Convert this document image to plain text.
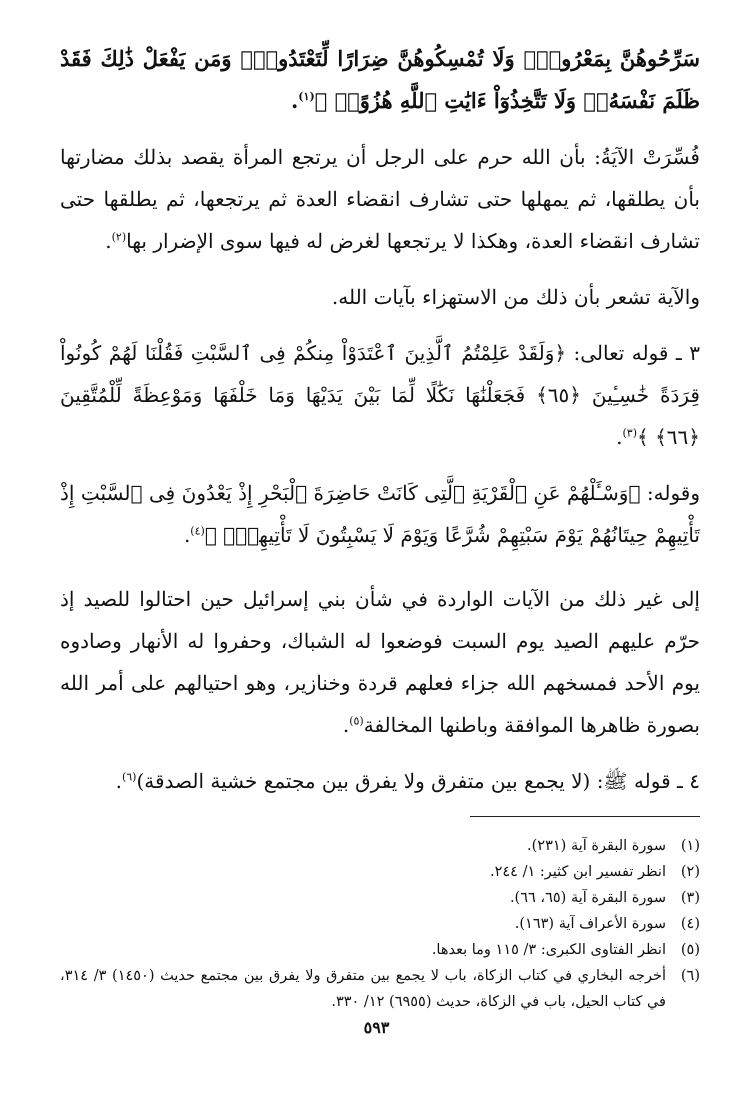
سَرِّحُوهُنَّ بِمَعْرُوفٍۚ وَلَا تُمْسِكُوهُنَّ ضِرَارًا لِّتَعْتَدُواْۚ وَمَن يَفْعَلْ ذَٰلِكَ فَقَدْ ظَلَمَ نَفْسَهُۥۚ وَلَا تَتَّخِذُوٓاْ ءَايَٰتِ ٱللَّهِ هُزُوًاۚ ﴾$^{(١)}$.

فُسِّرَتْ الآيَةُ: بأن الله حرم على الرجل أن يرتجع المرأة يقصد بذلك مضارتها بأن يطلقها، ثم يمهلها حتى تشارف انقضاء العدة ثم يرتجعها، ثم يطلقها حتى تشارف انقضاء العدة، وهكذا لا يرتجعها لغرض له فيها سوى الإضرار بها$^{(٢)}$.

والآية تشعر بأن ذلك من الاستهزاء بآيات الله.

٣ ـ قوله تعالى: ﴿وَلَقَدْ عَلِمْتُمُ ٱلَّذِينَ ٱعْتَدَوْاْ مِنكُمْ فِى ٱلسَّبْتِ فَقُلْنَا لَهُمْ كُونُواْ قِرَدَةً خَٰسِـِٔينَ ﴿٦٥﴾ فَجَعَلْنَٰهَا نَكَٰلًا لِّمَا بَيْنَ يَدَيْهَا وَمَا خَلْفَهَا وَمَوْعِظَةً لِّلْمُتَّقِينَ ﴿٦٦﴾ ﴾$^{(٣)}$.

وقوله: ﴿وَسْـَٔلْهُمْ عَنِ ٱلْقَرْيَةِ ٱلَّتِى كَانَتْ حَاضِرَةَ ٱلْبَحْرِ إِذْ يَعْدُونَ فِى ٱلسَّبْتِ إِذْ تَأْتِيهِمْ حِيتَانُهُمْ يَوْمَ سَبْتِهِمْ شُرَّعًا وَيَوْمَ لَا يَسْبِتُونَ لَا تَأْتِيهِمْۚ ﴾$^{(٤)}$.

إلى غير ذلك من الآيات الواردة في شأن بني إسرائيل حين احتالوا للصيد إذ حرّم عليهم الصيد يوم السبت فوضعوا له الشباك، وحفروا له الأنهار وصادوه يوم الأحد فمسخهم الله جزاء فعلهم قردة وخنازير، وهو احتيالهم على أمر الله بصورة ظاهرها الموافقة وباطنها المخالفة$^{(٥)}$.

٤ ـ قوله ﷺ: (لا يجمع بين متفرق ولا يفرق بين مجتمع خشية الصدقة)$^{(٦)}$.

(١)
سورة البقرة آية (٢٣١).
(٢)
انظر تفسير ابن كثير: ١/ ٢٤٤.
(٣)
سورة البقرة آية (٦٥، ٦٦).
(٤)
سورة الأعراف آية (١٦٣).
(٥)
انظر الفتاوى الكبرى: ٣/ ١١٥ وما بعدها.
(٦)
أخرجه البخاري في كتاب الزكاة، باب لا يجمع بين متفرق ولا يفرق بين مجتمع حديث (١٤٥٠) ٣/ ٣١٤، في كتاب الحيل، باب في الزكاة، حديث (٦٩٥٥) ١٢/ ٣٣٠.
٥٩٣
